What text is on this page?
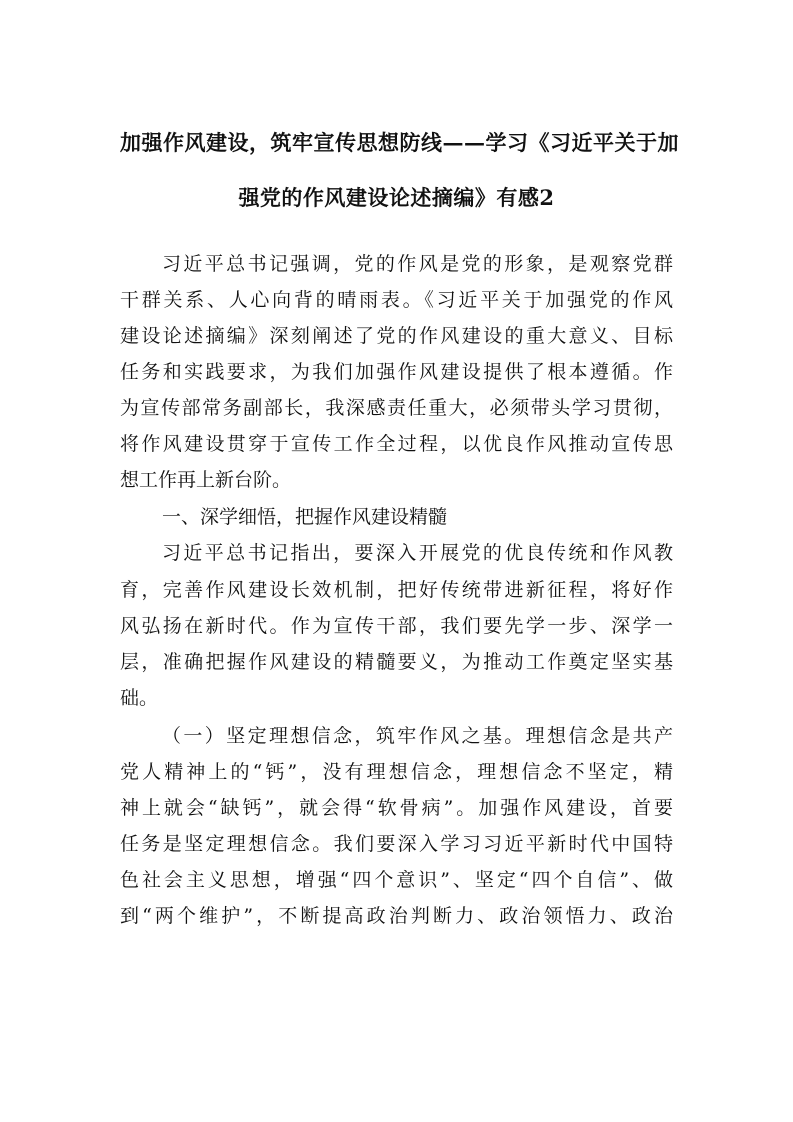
加强作风建设，筑牢宣传思想防线——学习《习近平关于加
强党的作风建设论述摘编》有感2
习近平总书记强调，党的作风是党的形象，是观察党群
干群关系、人心向背的晴雨表。《习近平关于加强党的作风
建设论述摘编》深刻阐述了党的作风建设的重大意义、目标
任务和实践要求，为我们加强作风建设提供了根本遵循。作
为宣传部常务副部长，我深感责任重大，必须带头学习贯彻，
将作风建设贯穿于宣传工作全过程，以优良作风推动宣传思
想工作再上新台阶。
一、深学细悟，把握作风建设精髓
习近平总书记指出，要深入开展党的优良传统和作风教
育，完善作风建设长效机制，把好传统带进新征程，将好作
风弘扬在新时代。作为宣传干部，我们要先学一步、深学一
层，准确把握作风建设的精髓要义，为推动工作奠定坚实基
础。
（一）坚定理想信念，筑牢作风之基。理想信念是共产
党人精神上的“钙”，没有理想信念，理想信念不坚定，精
神上就会“缺钙”，就会得“软骨病”。加强作风建设，首要
任务是坚定理想信念。我们要深入学习习近平新时代中国特
色社会主义思想，增强“四个意识”、坚定“四个自信”、做
到“两个维护”，不断提高政治判断力、政治领悟力、政治
